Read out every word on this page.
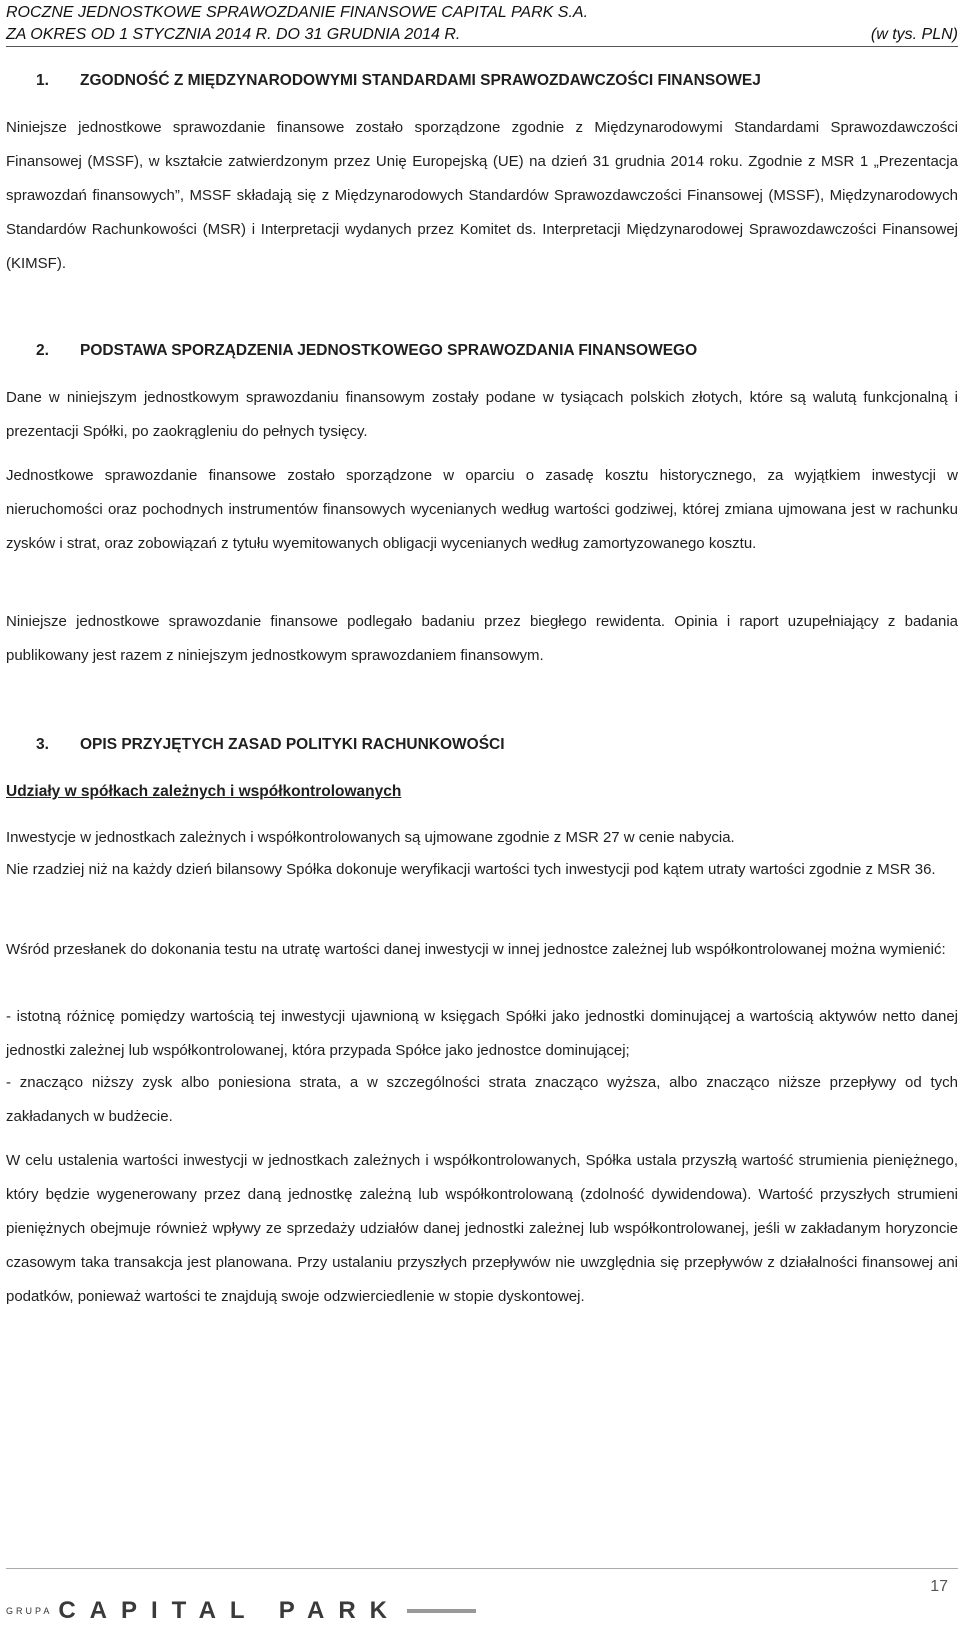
ROCZNE JEDNOSTKOWE SPRAWOZDANIE FINANSOWE CAPITAL PARK S.A.
ZA OKRES OD 1 STYCZNIA 2014 R. DO 31 GRUDNIA 2014 R.	(w tys. PLN)
1. ZGODNOŚĆ Z MIĘDZYNARODOWYMI STANDARDAMI SPRAWOZDAWCZOŚCI FINANSOWEJ
Niniejsze jednostkowe sprawozdanie finansowe zostało sporządzone zgodnie z Międzynarodowymi Standardami Sprawozdawczości Finansowej (MSSF), w kształcie zatwierdzonym przez Unię Europejską (UE) na dzień 31 grudnia 2014 roku. Zgodnie z MSR 1 „Prezentacja sprawozdań finansowych”, MSSF składają się z Międzynarodowych Standardów Sprawozdawczości Finansowej (MSSF), Międzynarodowych Standardów Rachunkowości (MSR) i Interpretacji wydanych przez Komitet ds. Interpretacji Międzynarodowej Sprawozdawczości Finansowej (KIMSF).
2. PODSTAWA SPORZĄDZENIA JEDNOSTKOWEGO SPRAWOZDANIA FINANSOWEGO
Dane w niniejszym jednostkowym sprawozdaniu finansowym zostały podane w tysiącach polskich złotych, które są walutą funkcjonalną i prezentacji Spółki, po zaokrągleniu do pełnych tysięcy.
Jednostkowe sprawozdanie finansowe zostało sporządzone w oparciu o zasadę kosztu historycznego, za wyjątkiem inwestycji w nieruchomości oraz pochodnych instrumentów finansowych wycenianych według wartości godziwej, której zmiana ujmowana jest w rachunku zysków i strat, oraz zobowiązań z tytułu wyemitowanych obligacji wycenianych według zamortyzowanego kosztu.
Niniejsze jednostkowe sprawozdanie finansowe podlegało badaniu przez biegłego rewidenta. Opinia i raport uzupełniający z badania publikowany jest razem z niniejszym jednostkowym sprawozdaniem finansowym.
3. OPIS PRZYJĘTYCH ZASAD POLITYKI RACHUNKOWOŚCI
Udziały w spółkach zależnych i współkontrolowanych
Inwestycje w jednostkach zależnych i współkontrolowanych są ujmowane zgodnie z MSR 27 w cenie nabycia.
Nie rzadziej niż na każdy dzień bilansowy Spółka dokonuje weryfikacji wartości tych inwestycji pod kątem utraty wartości zgodnie z MSR 36.
Wśród przesłanek do dokonania testu na utratę wartości danej inwestycji w innej jednostce zależnej lub współkontrolowanej można wymienić:
- istotną różnicę pomiędzy wartością tej inwestycji ujawnioną w księgach Spółki jako jednostki dominującej a wartością aktywów netto danej jednostki zależnej lub współkontrolowanej, która przypada Spółce jako jednostce dominującej;
- znacząco niższy zysk albo poniesiona strata, a w szczególności strata znacząco wyższa, albo znacząco niższe przepływy od tych zakładanych w budżecie.
W celu ustalenia wartości inwestycji w jednostkach zależnych i współkontrolowanych, Spółka ustala przyszłą wartość strumienia pieniężnego, który będzie wygenerowany przez daną jednostkę zależną lub współkontrolowaną (zdolność dywidendowa). Wartość przyszłych strumieni pieniężnych obejmuje również wpływy ze sprzedaży udziałów danej jednostki zależnej lub współkontrolowanej, jeśli w zakładanym horyzoncie czasowym taka transakcja jest planowana. Przy ustalaniu przyszłych przepływów nie uwzględnia się przepływów z działalności finansowej ani podatków, ponieważ wartości te znajdują swoje odzwierciedlenie w stopie dyskontowej.
17
GRUPA CAPITAL PARK
